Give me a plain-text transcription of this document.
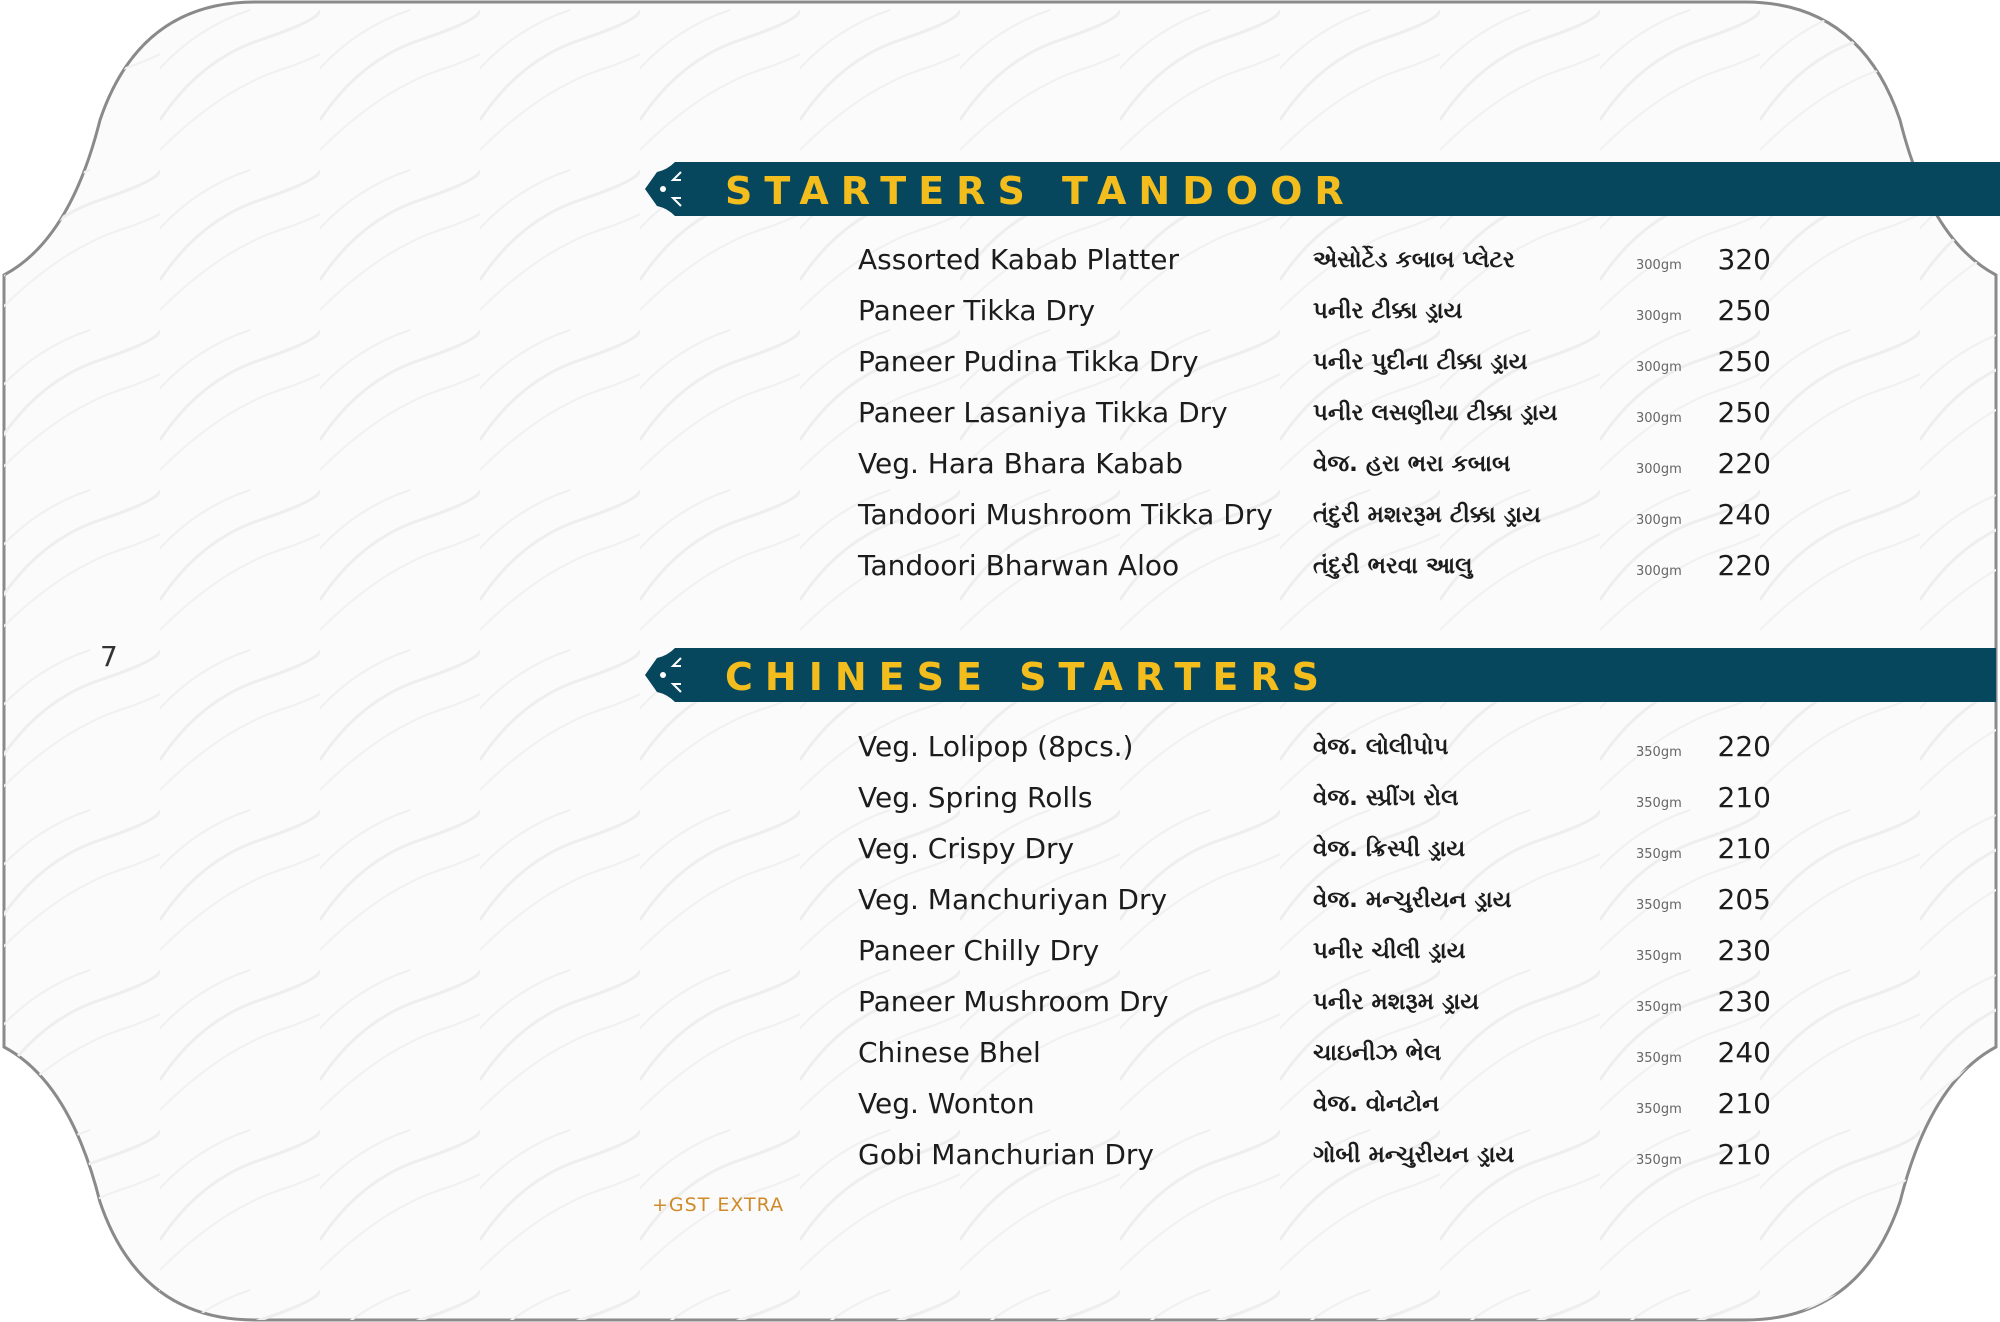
7
STARTERS TANDOOR
Assorted Kabab Platter	એસોર્ટેડ કબાબ પ્લેટર	300gm	320
Paneer Tikka Dry	પનીર ટીક્કા ડ્રાય	300gm	250
Paneer Pudina Tikka Dry	પનીર પુદીના ટીક્કા ડ્રાય	300gm	250
Paneer Lasaniya Tikka Dry	પનીર લસણીયા ટીક્કા ડ્રાય	300gm	250
Veg. Hara Bhara Kabab	વેજ. હરા ભરા કબાબ	300gm	220
Tandoori Mushroom Tikka Dry તંદુરી મશરરૂમ ટીક્કા ડ્રાય	300gm	240
Tandoori Bharwan Aloo	તંદુરી ભરવા આલુ	300gm	220
CHINESE STARTERS
Veg. Lolipop (8pcs.)	વેજ. લોલીપોપ	350gm	220
Veg. Spring Rolls	વેજ. સ્પ્રીંગ રોલ	350gm	210
Veg. Crispy Dry	વેજ. ક્રિસ્પી ડ્રાય	350gm	210
Veg. Manchuriyan Dry	વેજ. મન્ચુરીયન ડ્રાય	350gm	205
Paneer Chilly Dry	પનીર ચીલી ડ્રાય	350gm	230
Paneer Mushroom Dry	પનીર મશરૂમ ડ્રાય	350gm	230
Chinese Bhel	ચાઇનીઝ ભેલ	350gm	240
Veg. Wonton	વેજ. વોનટોન	350gm	210
Gobi Manchurian Dry	ગોબી મન્ચુરીયન ડ્રાય	350gm	210
+GST EXTRA
